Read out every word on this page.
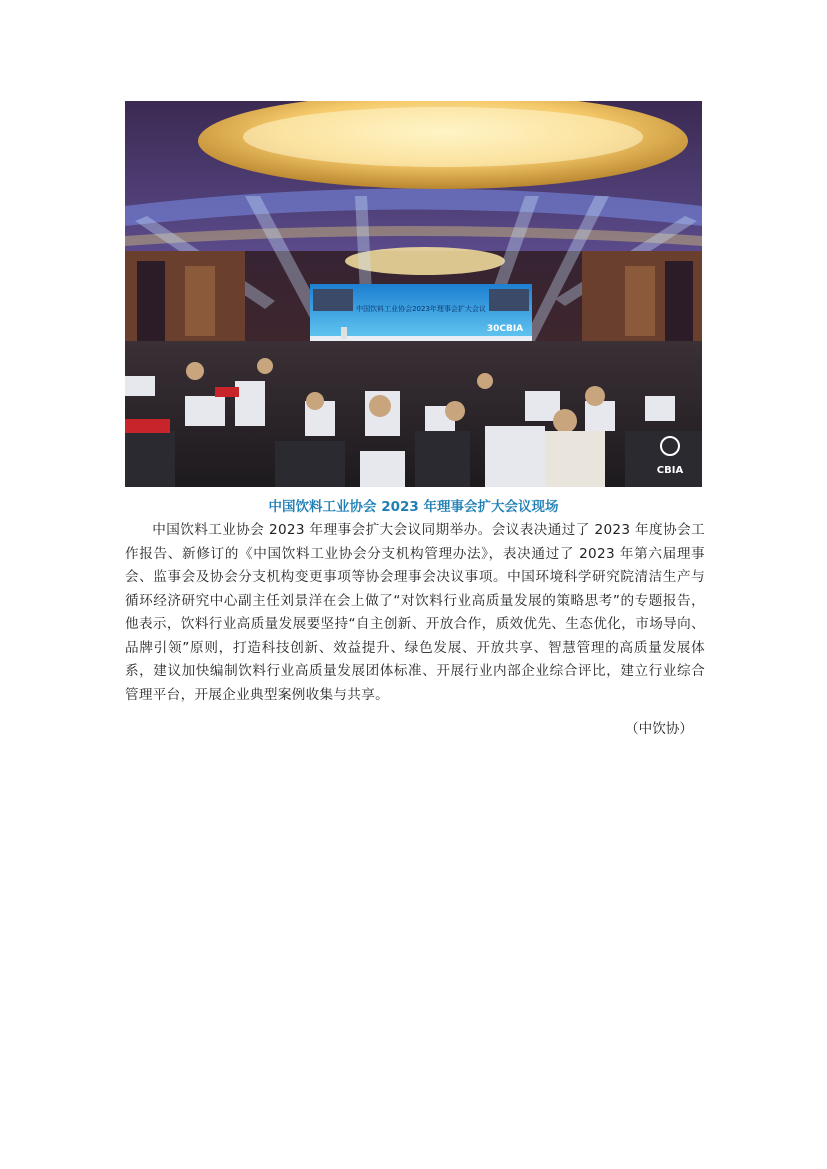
中国饮料工业协会2023年理事会扩大会议
30CBIA
CBIA
中国饮料工业协会 2023 年理事会扩大会议现场

中国饮料工业协会 2023 年理事会扩大会议同期举办。会议表决通过了 2023 年度协会工作报告、新修订的《中国饮料工业协会分支机构管理办法》，表决通过了 2023 年第六届理事会、监事会及协会分支机构变更事项等协会理事会决议事项。中国环境科学研究院清洁生产与循环经济研究中心副主任刘景洋在会上做了“对饮料行业高质量发展的策略思考”的专题报告，他表示，饮料行业高质量发展要坚持“自主创新、开放合作，质效优先、生态优化，市场导向、品牌引领”原则，打造科技创新、效益提升、绿色发展、开放共享、智慧管理的高质量发展体系，建议加快编制饮料行业高质量发展团体标准、开展行业内部企业综合评比，建立行业综合管理平台，开展企业典型案例收集与共享。

（中饮协）
